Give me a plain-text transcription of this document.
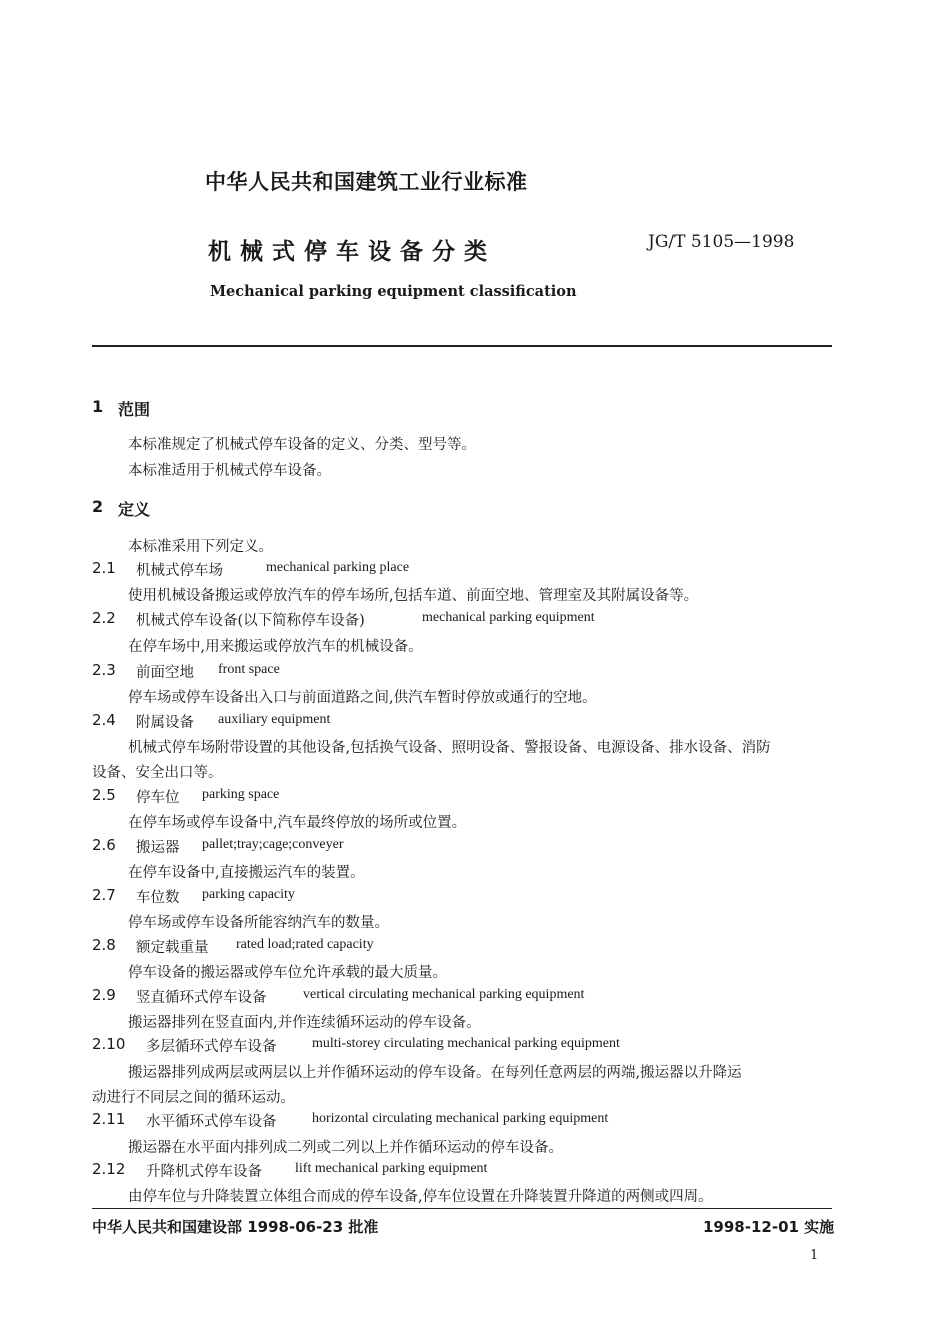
中华人民共和国建筑工业行业标准
机械式停车设备分类	JG/T 5105—1998
Mechanical parking equipment classification
1 范围
本标准规定了机械式停车设备的定义、分类、型号等。
本标准适用于机械式停车设备。
2 定义
本标准采用下列定义。
2.1 机械式停车场	mechanical parking place
使用机械设备搬运或停放汽车的停车场所,包括车道、前面空地、管理室及其附属设备等。
2.2 机械式停车设备(以下简称停车设备)	mechanical parking equipment
在停车场中,用来搬运或停放汽车的机械设备。
2.3 前面空地 front space
停车场或停车设备出入口与前面道路之间,供汽车暂时停放或通行的空地。
2.4 附属设备 auxiliary equipment
机械式停车场附带设置的其他设备,包括换气设备、照明设备、警报设备、电源设备、排水设备、消防
设备、安全出口等。
2.5 停车位 parking space
在停车场或停车设备中,汽车最终停放的场所或位置。
2.6 搬运器 pallet;tray;cage;conveyer
在停车设备中,直接搬运汽车的装置。
2.7 车位数 parking capacity
停车场或停车设备所能容纳汽车的数量。
2.8 额定载重量 rated load;rated capacity
停车设备的搬运器或停车位允许承载的最大质量。
2.9 竖直循环式停车设备	vertical circulating mechanical parking equipment
搬运器排列在竖直面内,并作连续循环运动的停车设备。
2.10 多层循环式停车设备	multi-storey circulating mechanical parking equipment
搬运器排列成两层或两层以上并作循环运动的停车设备。在每列任意两层的两端,搬运器以升降运
动进行不同层之间的循环运动。
2.11 水平循环式停车设备	horizontal circulating mechanical parking equipment
搬运器在水平面内排列成二列或二列以上并作循环运动的停车设备。
2.12 升降机式停车设备 lift mechanical parking equipment
由停车位与升降装置立体组合而成的停车设备,停车位设置在升降装置升降道的两侧或四周。
中华人民共和国建设部 1998-06-23 批准	1998-12-01 实施
1
